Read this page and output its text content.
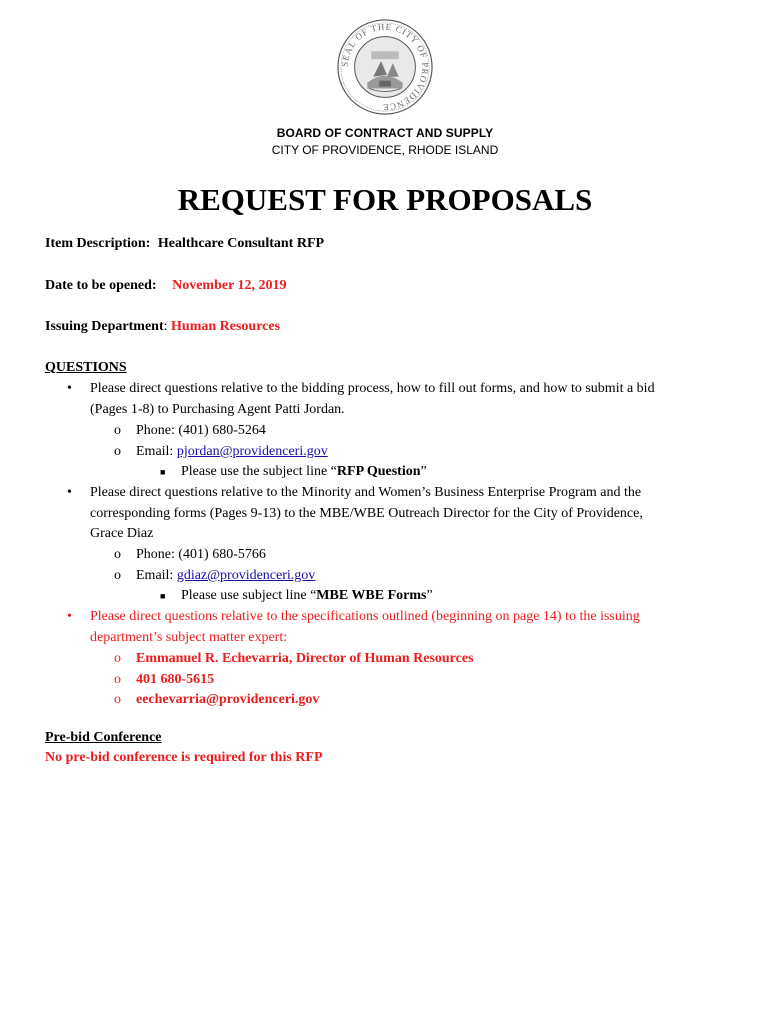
SEAL OF THE CITY OF PROVIDENCE
BOARD OF CONTRACT AND SUPPLY
CITY OF PROVIDENCE, RHODE ISLAND
REQUEST FOR PROPOSALS
Item Description: Healthcare Consultant RFP
Date to be opened: November 12, 2019
Issuing Department: Human Resources
QUESTIONS
• Please direct questions relative to the bidding process, how to fill out forms, and how to submit a bid
(Pages 1-8) to Purchasing Agent Patti Jordan.
o Phone: (401) 680-5264
o Email: pjordan@providenceri.gov
■ Please use the subject line “RFP Question”
• Please direct questions relative to the Minority and Women’s Business Enterprise Program and the
corresponding forms (Pages 9-13) to the MBE/WBE Outreach Director for the City of Providence,
Grace Diaz
o Phone: (401) 680-5766
o Email: gdiaz@providenceri.gov
■ Please use subject line “MBE WBE Forms”
• Please direct questions relative to the specifications outlined (beginning on page 14) to the issuing
department’s subject matter expert:
o Emmanuel R. Echevarria, Director of Human Resources
o 401 680-5615
o eechevarria@providenceri.gov
Pre-bid Conference
No pre-bid conference is required for this RFP
